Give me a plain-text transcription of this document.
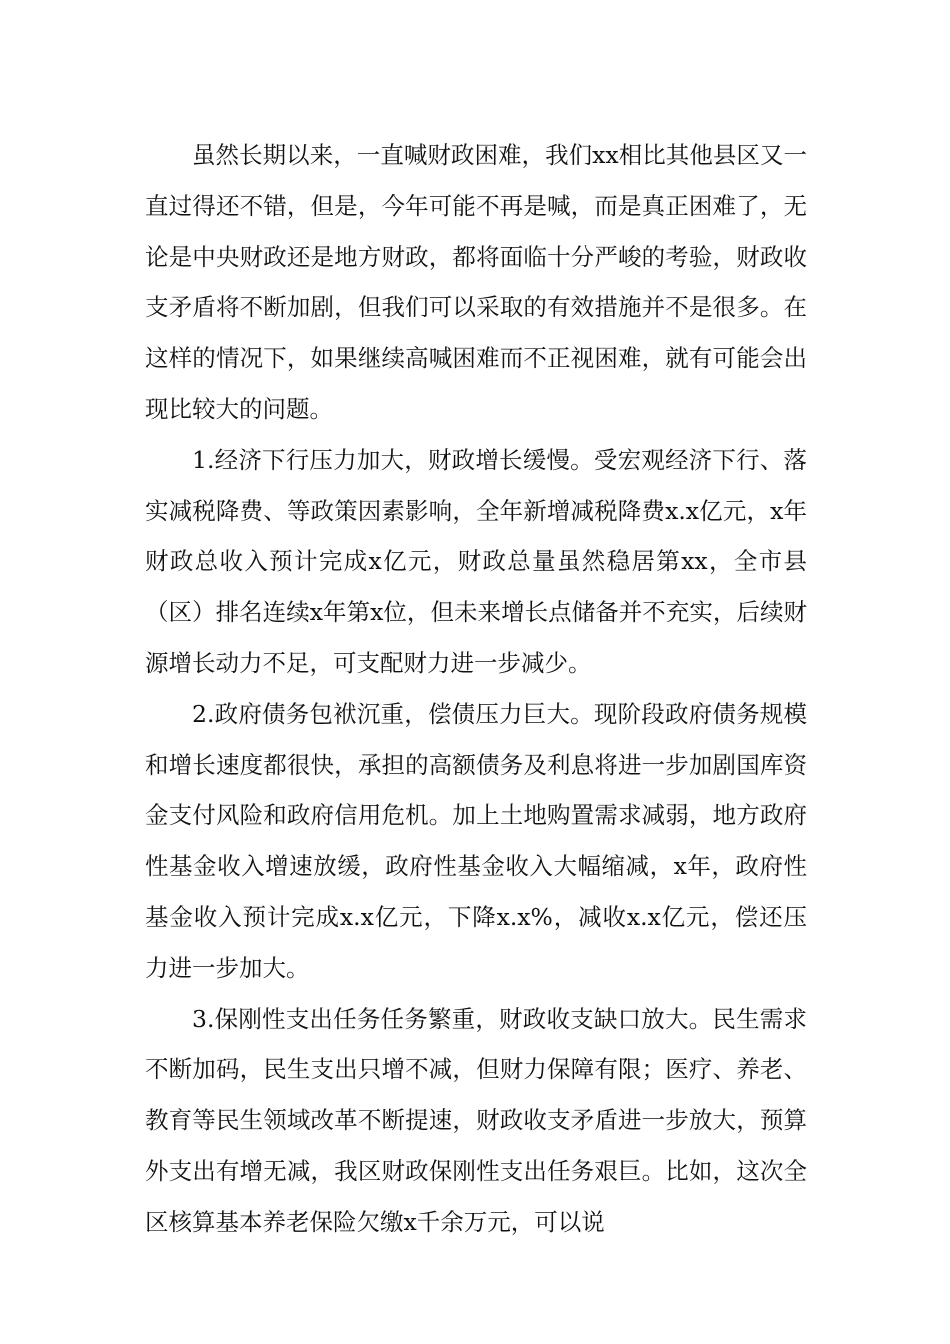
虽然长期以来，一直喊财政困难，我们xx相比其他县区又一直过得还不错，但是，今年可能不再是喊，而是真正困难了，无论是中央财政还是地方财政，都将面临十分严峻的考验，财政收支矛盾将不断加剧，但我们可以采取的有效措施并不是很多。在这样的情况下，如果继续高喊困难而不正视困难，就有可能会出现比较大的问题。

1.经济下行压力加大，财政增长缓慢。受宏观经济下行、落实减税降费、等政策因素影响，全年新增减税降费x.x亿元，x年财政总收入预计完成x亿元，财政总量虽然稳居第xx，全市县（区）排名连续x年第x位，但未来增长点储备并不充实，后续财源增长动力不足，可支配财力进一步减少。

2.政府债务包袱沉重，偿债压力巨大。现阶段政府债务规模和增长速度都很快，承担的高额债务及利息将进一步加剧国库资金支付风险和政府信用危机。加上土地购置需求减弱，地方政府性基金收入增速放缓，政府性基金收入大幅缩减，x年，政府性基金收入预计完成x.x亿元，下降x.x%，减收x.x亿元，偿还压力进一步加大。

3.保刚性支出任务任务繁重，财政收支缺口放大。民生需求不断加码，民生支出只增不减，但财力保障有限；医疗、养老、教育等民生领域改革不断提速，财政收支矛盾进一步放大，预算外支出有增无减，我区财政保刚性支出任务艰巨。比如，这次全区核算基本养老保险欠缴x千余万元，可以说
